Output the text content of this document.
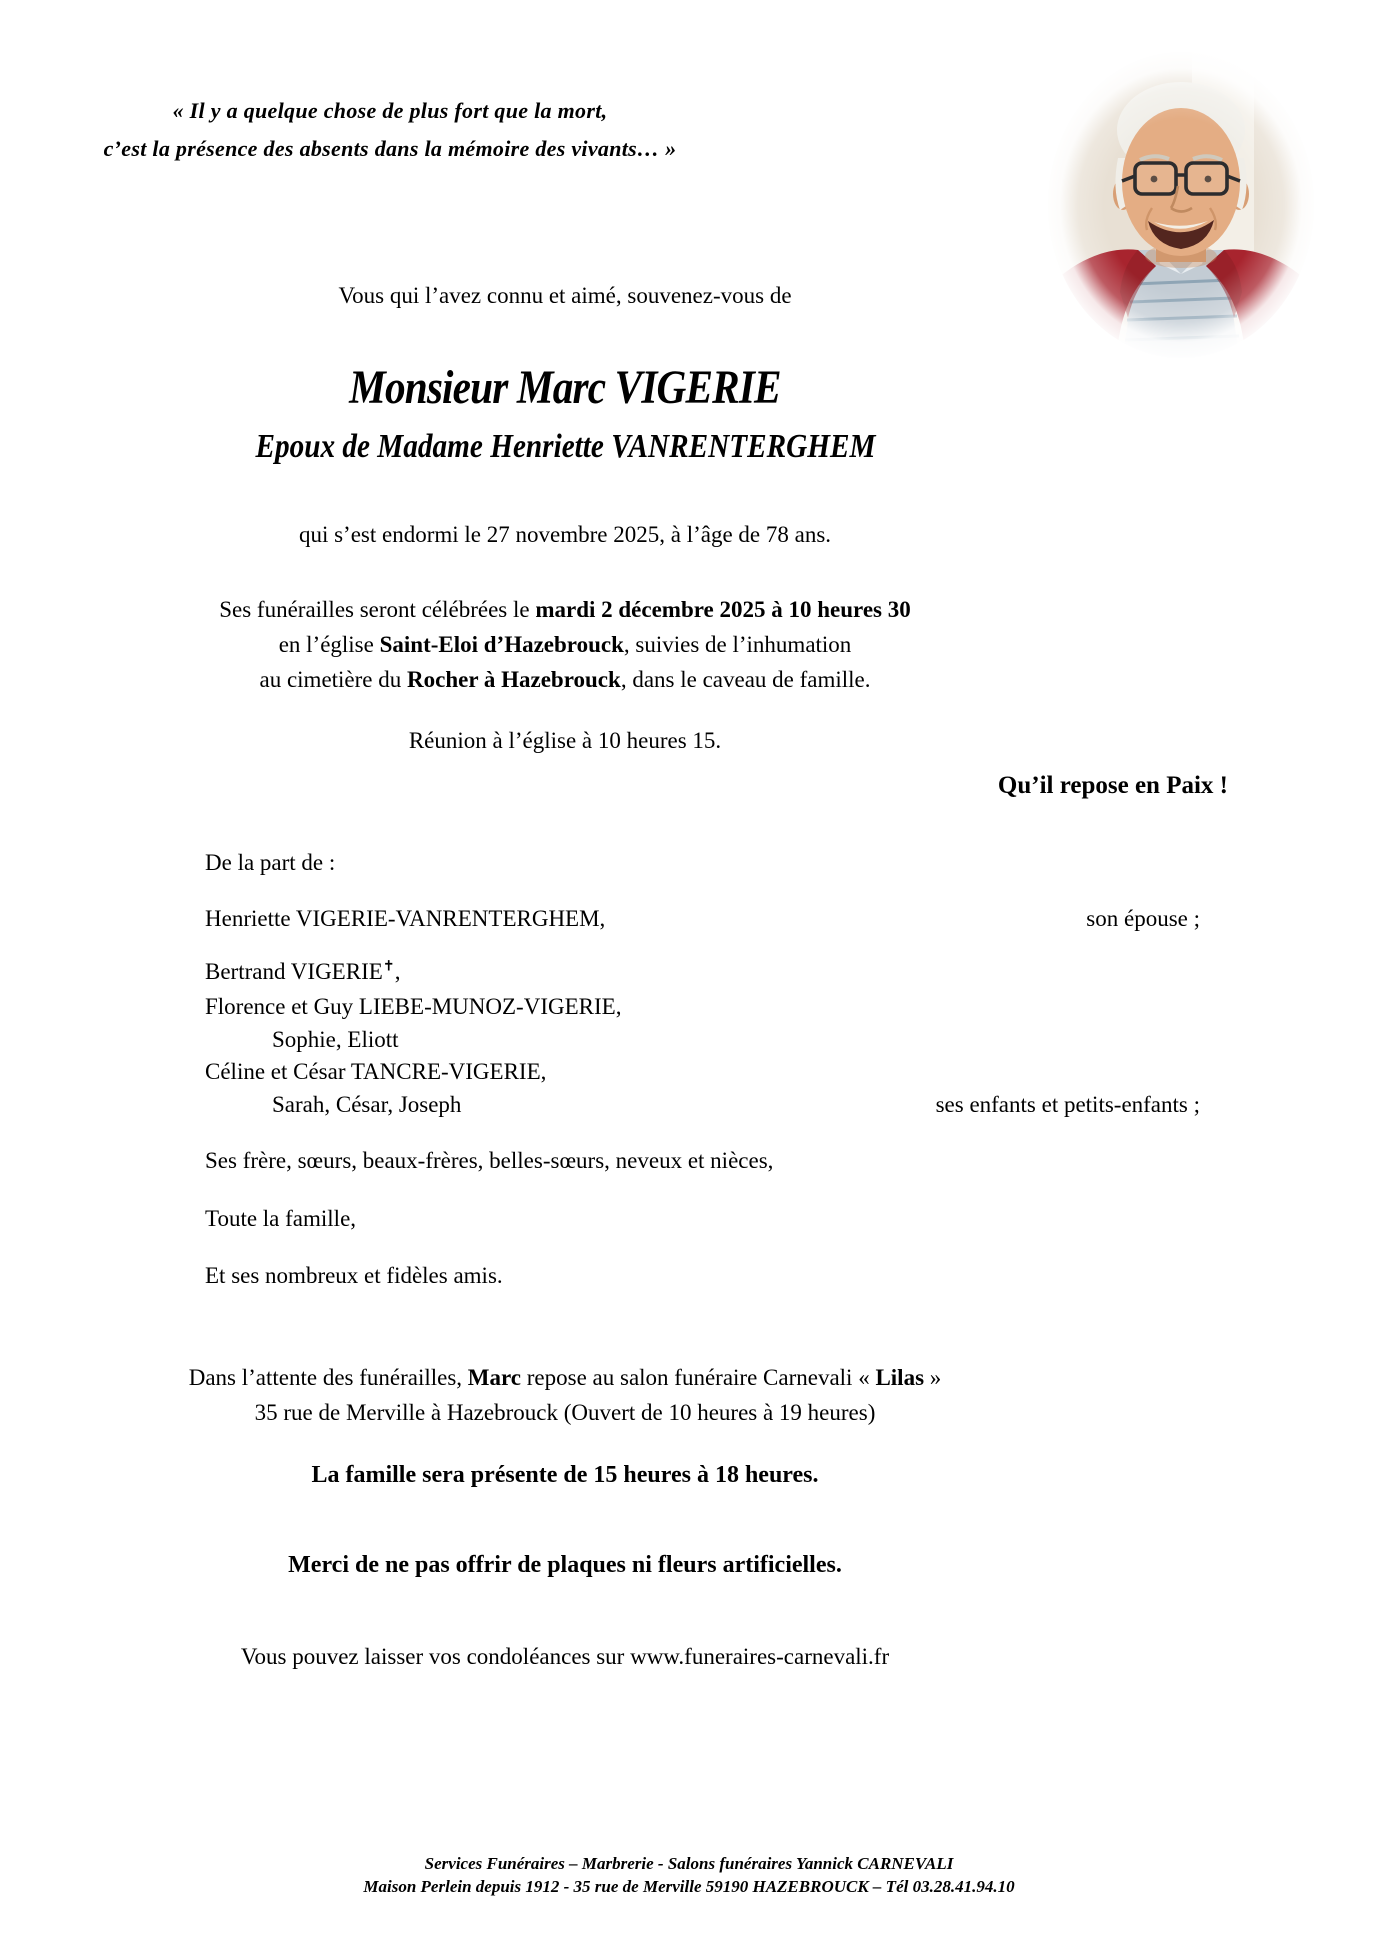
« Il y a quelque chose de plus fort que la mort,
c’est la présence des absents dans la mémoire des vivants… »
Vous qui l’avez connu et aimé, souvenez-vous de
Monsieur Marc VIGERIE
Epoux de Madame Henriette VANRENTERGHEM
qui s’est endormi le 27 novembre 2025, à l’âge de 78 ans.
Ses funérailles seront célébrées le mardi 2 décembre 2025 à 10 heures 30
en l’église Saint-Eloi d’Hazebrouck, suivies de l’inhumation
au cimetière du Rocher à Hazebrouck, dans le caveau de famille.
Réunion à l’église à 10 heures 15.
Qu’il repose en Paix !
De la part de :
Henriette VIGERIE-VANRENTERGHEM,	son épouse ;
Bertrand VIGERIE✝,
Florence et Guy LIEBE-MUNOZ-VIGERIE,
Sophie, Eliott
Céline et César TANCRE-VIGERIE,
Sarah, César, Joseph	ses enfants et petits-enfants ;
Ses frère, sœurs, beaux-frères, belles-sœurs, neveux et nièces,
Toute la famille,
Et ses nombreux et fidèles amis.
Dans l’attente des funérailles, Marc repose au salon funéraire Carnevali « Lilas »
35 rue de Merville à Hazebrouck (Ouvert de 10 heures à 19 heures)
La famille sera présente de 15 heures à 18 heures.
Merci de ne pas offrir de plaques ni fleurs artificielles.
Vous pouvez laisser vos condoléances sur www.funeraires-carnevali.fr
Services Funéraires – Marbrerie - Salons funéraires Yannick CARNEVALI
Maison Perlein depuis 1912 - 35 rue de Merville 59190 HAZEBROUCK – Tél 03.28.41.94.10
